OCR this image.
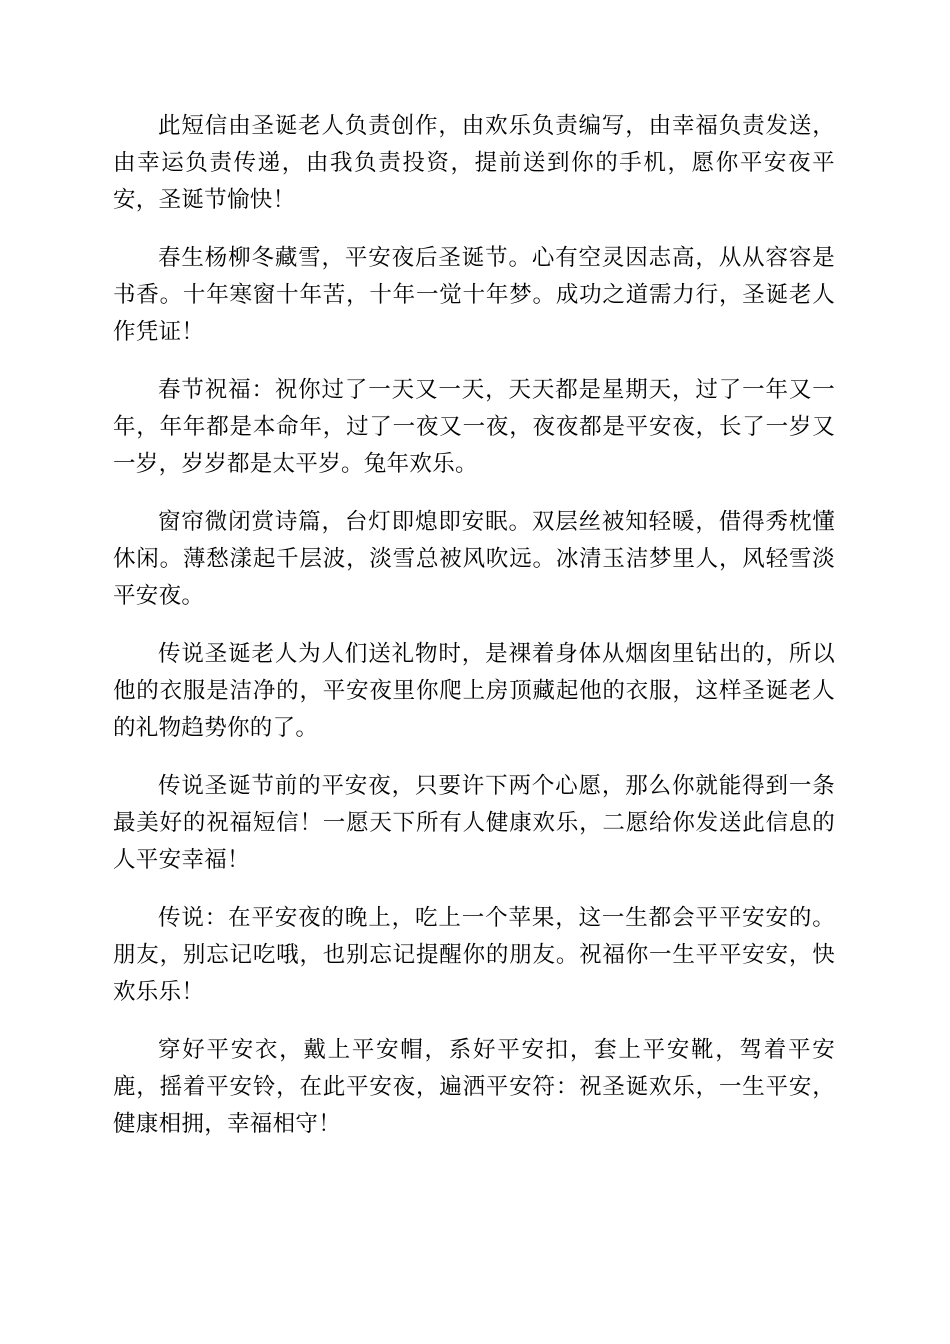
此短信由圣诞老人负责创作，由欢乐负责编写，由幸福负责发送，由幸运负责传递，由我负责投资，提前送到你的手机，愿你平安夜平安，圣诞节愉快！

春生杨柳冬藏雪，平安夜后圣诞节。心有空灵因志高，从从容容是书香。十年寒窗十年苦，十年一觉十年梦。成功之道需力行，圣诞老人作凭证！

春节祝福：祝你过了一天又一天，天天都是星期天，过了一年又一年，年年都是本命年，过了一夜又一夜，夜夜都是平安夜，长了一岁又一岁，岁岁都是太平岁。兔年欢乐。

窗帘微闭赏诗篇，台灯即熄即安眠。双层丝被知轻暖，借得秀枕懂休闲。薄愁漾起千层波，淡雪总被风吹远。冰清玉洁梦里人，风轻雪淡平安夜。

传说圣诞老人为人们送礼物时，是裸着身体从烟囱里钻出的，所以他的衣服是洁净的，平安夜里你爬上房顶藏起他的衣服，这样圣诞老人的礼物趋势你的了。

传说圣诞节前的平安夜，只要许下两个心愿，那么你就能得到一条最美好的祝福短信！一愿天下所有人健康欢乐，二愿给你发送此信息的人平安幸福！

传说：在平安夜的晚上，吃上一个苹果，这一生都会平平安安的。朋友，别忘记吃哦，也别忘记提醒你的朋友。祝福你一生平平安安，快欢乐乐！

穿好平安衣，戴上平安帽，系好平安扣，套上平安靴，驾着平安鹿，摇着平安铃，在此平安夜，遍洒平安符：祝圣诞欢乐，一生平安，健康相拥，幸福相守！
